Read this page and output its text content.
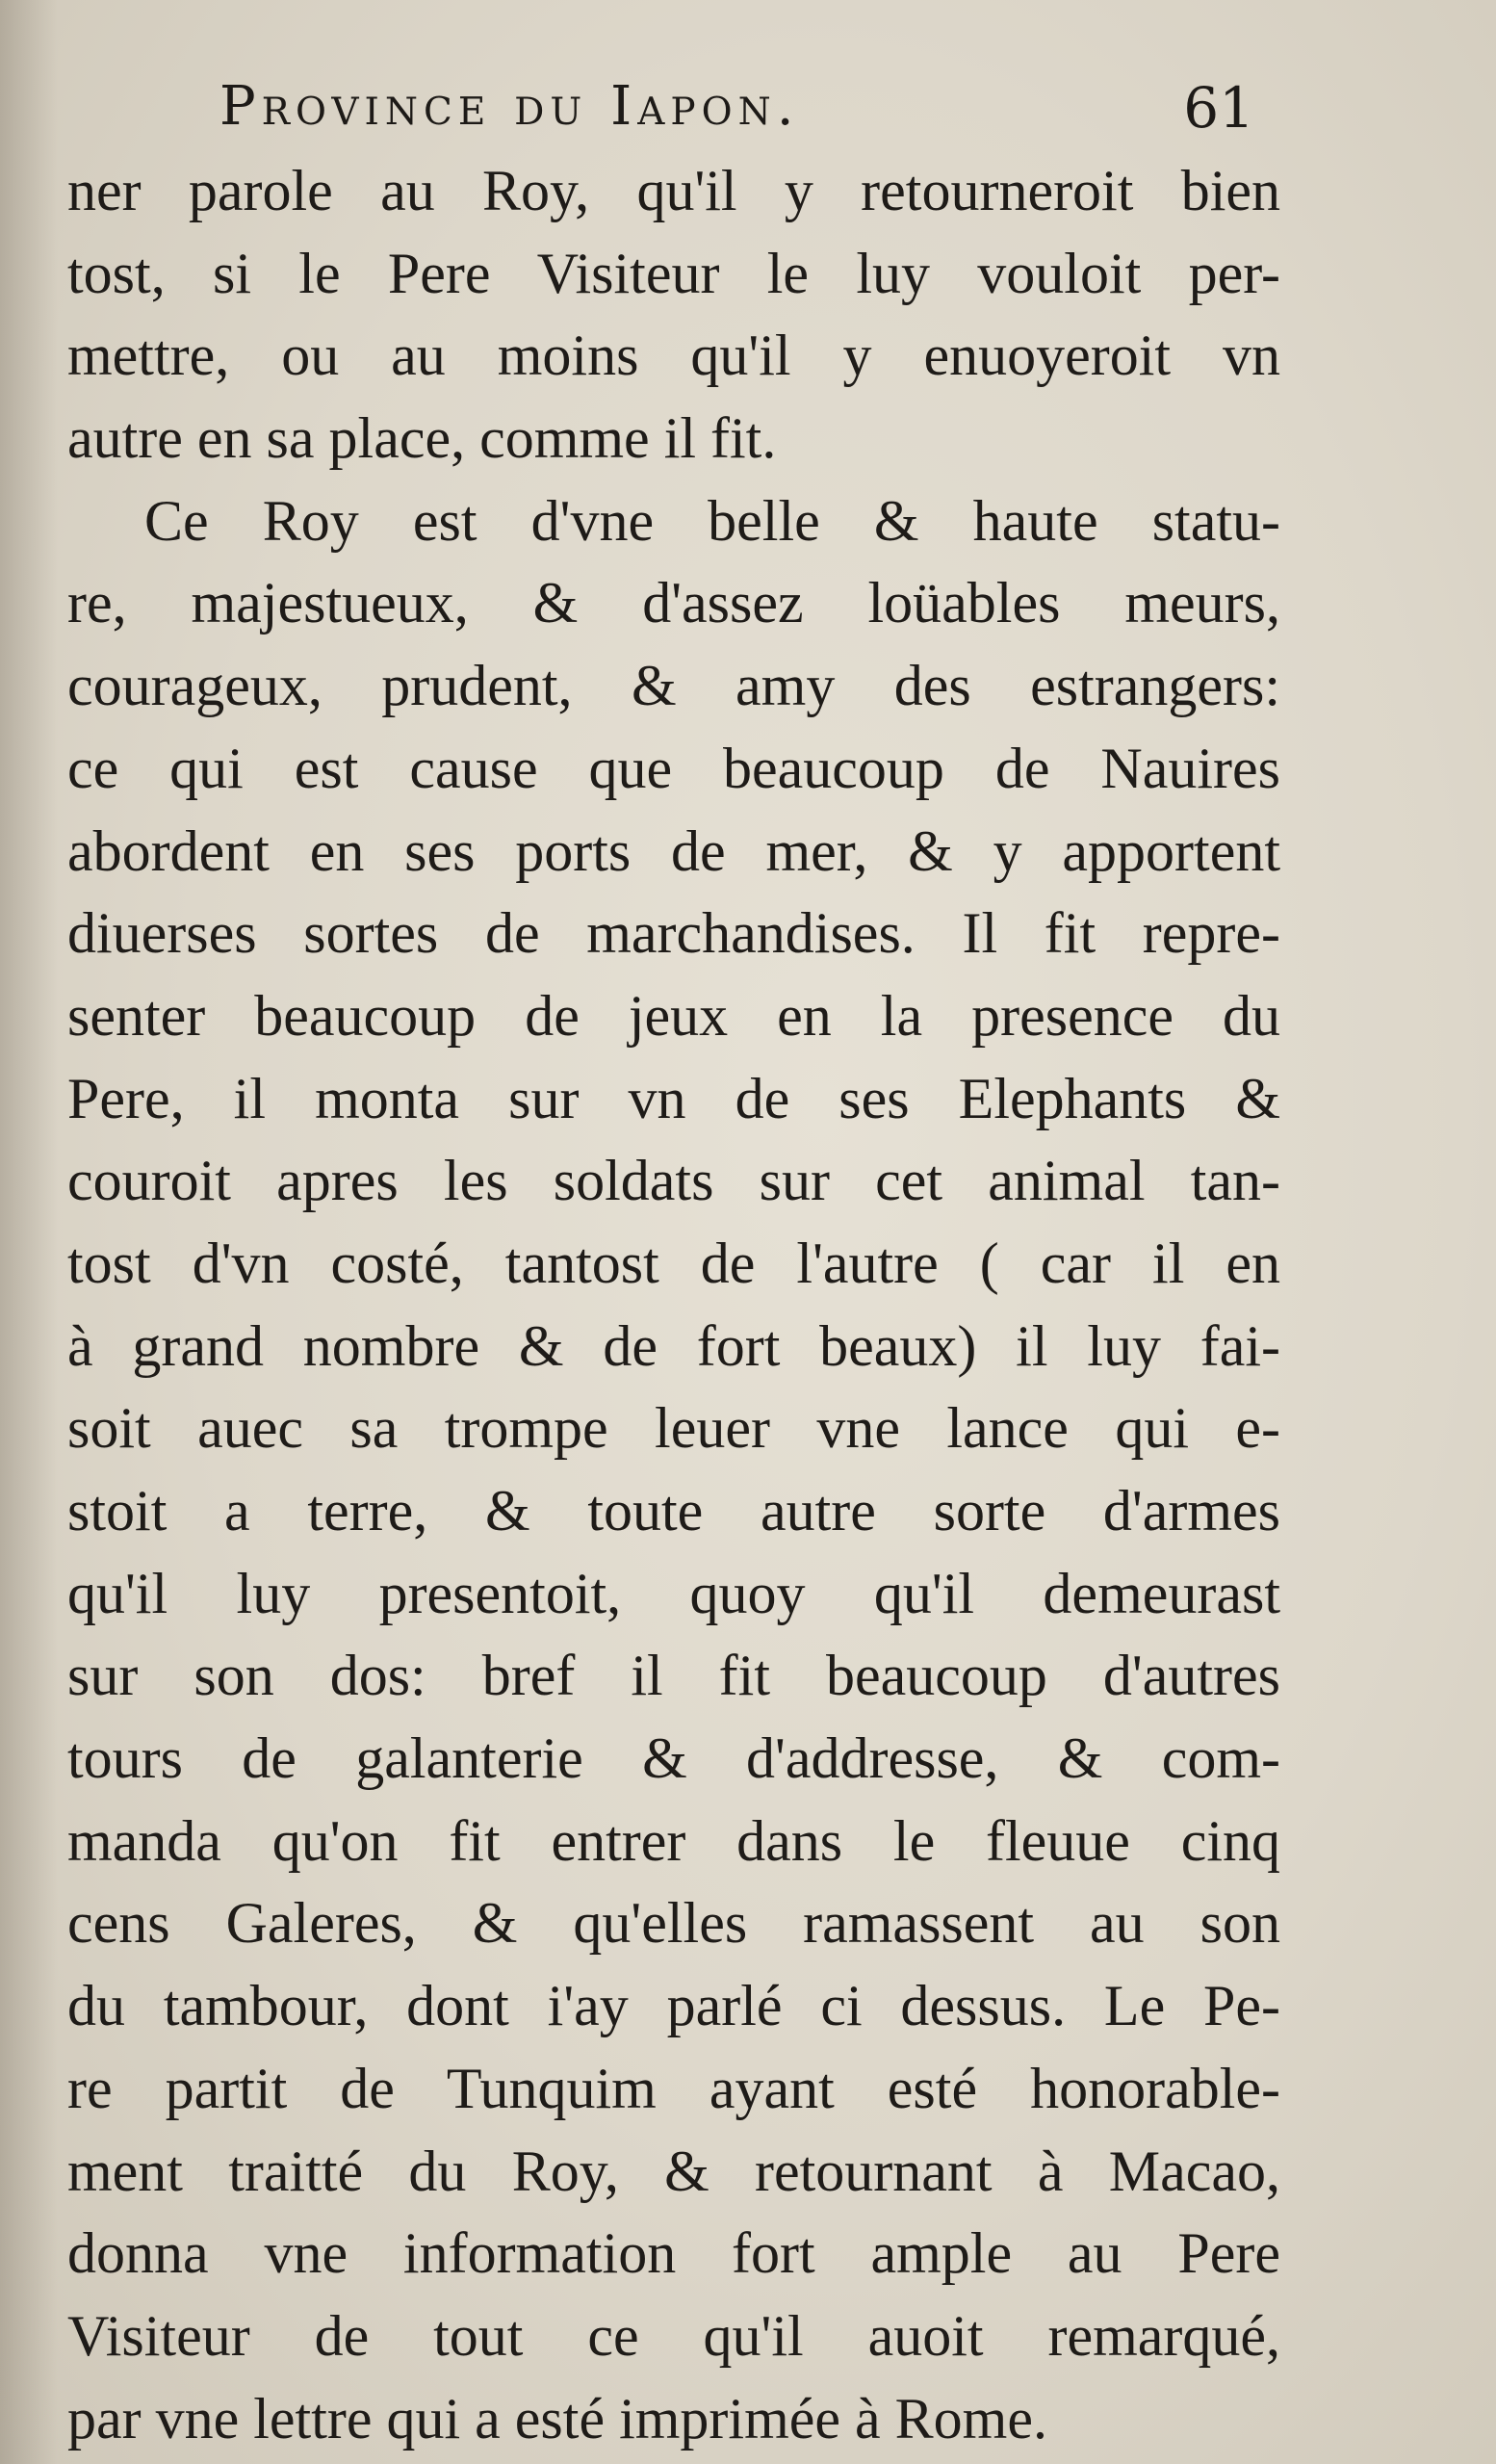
Province du Iapon.	61
ner parole au Roy, qu'il y retourneroit bien
tost, si le Pere Visiteur le luy vouloit per-
mettre, ou au moins qu'il y enuoyeroit vn
autre en sa place, comme il fit.
Ce Roy est d'vne belle & haute statu-
re, majestueux, & d'assez loüables meurs,
courageux, prudent, & amy des estrangers:
ce qui est cause que beaucoup de Nauires
abordent en ses ports de mer, & y apportent
diuerses sortes de marchandises. Il fit repre-
senter beaucoup de jeux en la presence du
Pere, il monta sur vn de ses Elephants &
couroit apres les soldats sur cet animal tan-
tost d'vn costé, tantost de l'autre ( car il en
à grand nombre & de fort beaux) il luy fai-
soit auec sa trompe leuer vne lance qui e-
stoit a terre, & toute autre sorte d'armes
qu'il luy presentoit, quoy qu'il demeurast
sur son dos: bref il fit beaucoup d'autres
tours de galanterie & d'addresse, & com-
manda qu'on fit entrer dans le fleuue cinq
cens Galeres, & qu'elles ramassent au son
du tambour, dont i'ay parlé ci dessus. Le Pe-
re partit de Tunquim ayant esté honorable-
ment traitté du Roy, & retournant à Macao,
donna vne information fort ample au Pere
Visiteur de tout ce qu'il auoit remarqué,
par vne lettre qui a esté imprimée à Rome.
